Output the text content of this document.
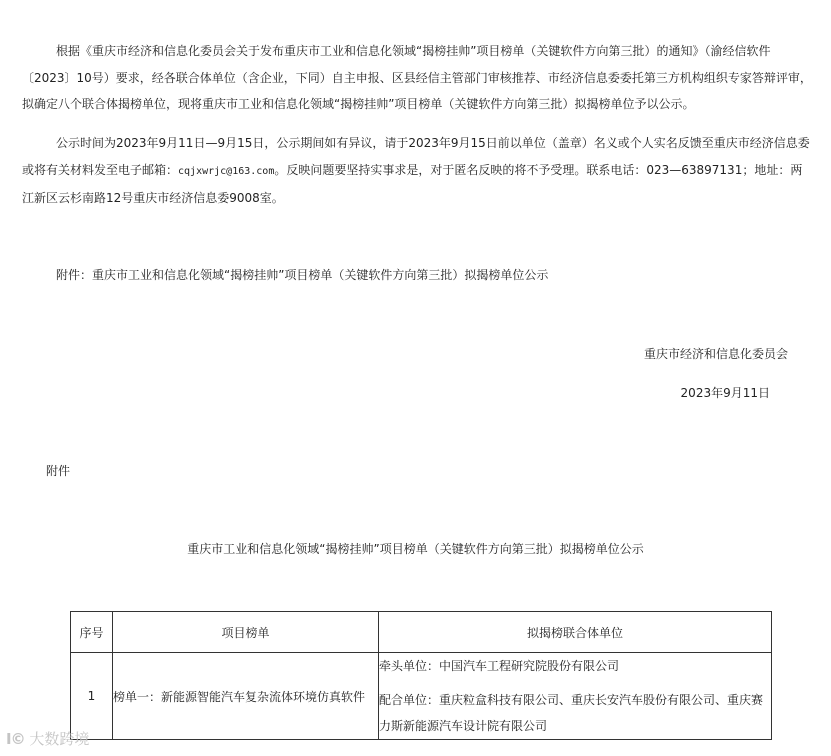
根据《重庆市经济和信息化委员会关于发布重庆市工业和信息化领域“揭榜挂帅”项目榜单（关键软件方向第三批）的通知》（渝经信软件〔2023〕10号）要求，经各联合体单位（含企业，下同）自主申报、区县经信主管部门审核推荐、市经济信息委委托第三方机构组织专家答辩评审，拟确定八个联合体揭榜单位，现将重庆市工业和信息化领域“揭榜挂帅”项目榜单（关键软件方向第三批）拟揭榜单位予以公示。

公示时间为2023年9月11日—9月15日，公示期间如有异议，请于2023年9月15日前以单位（盖章）名义或个人实名反馈至重庆市经济信息委或将有关材料发至电子邮箱：cqjxwrjc@163.com。反映问题要坚持实事求是，对于匿名反映的将不予受理。联系电话：023—63897131；地址：两江新区云杉南路12号重庆市经济信息委9008室。

附件：重庆市工业和信息化领域“揭榜挂帅”项目榜单（关键软件方向第三批）拟揭榜单位公示

重庆市经济和信息化委员会

2023年9月11日

附件

重庆市工业和信息化领域“揭榜挂帅”项目榜单（关键软件方向第三批）拟揭榜单位公示

序号	项目榜单	拟揭榜联合体单位
1	榜单一：新能源智能汽车复杂流体环境仿真软件	牵头单位：中国汽车工程研究院股份有限公司
配合单位：重庆粒盒科技有限公司、重庆长安汽车股份有限公司、重庆赛力斯新能源汽车设计院有限公司
I© 大数跨境
